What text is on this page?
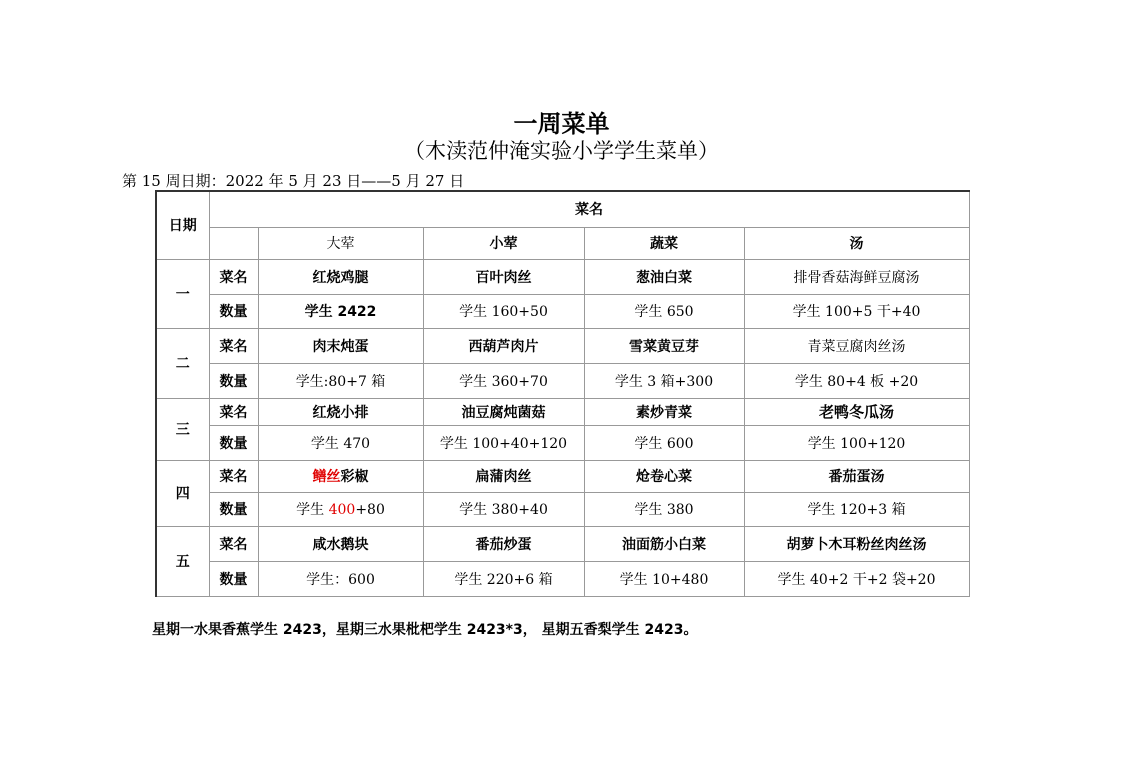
一周菜单
（木渎范仲淹实验小学学生菜单）
第 15 周日期：2022 年 5 月 23 日——5 月 27 日
日期	菜名				
		大荤	小荤	蔬菜	汤
一	菜名	红烧鸡腿	百叶肉丝	葱油白菜	排骨香菇海鲜豆腐汤
	数量	学生 2422	学生 160+50	学生 650	学生 100+5 干+40
二	菜名	肉末炖蛋	西葫芦肉片	雪菜黄豆芽	青菜豆腐肉丝汤
	数量	学生:80+7 箱	学生 360+70	学生 3 箱+300	学生 80+4 板 +20
三	菜名	红烧小排	油豆腐炖菌菇	素炒青菜	老鸭冬瓜汤
	数量	学生 470	学生 100+40+120	学生 600	学生 100+120
四	菜名	鳝丝彩椒	扁蒲肉丝	炝卷心菜	番茄蛋汤
	数量	学生 400+80	学生 380+40	学生 380	学生 120+3 箱
五	菜名	咸水鹅块	番茄炒蛋	油面筋小白菜	胡萝卜木耳粉丝肉丝汤
	数量	学生：600	学生 220+6 箱	学生 10+480	学生 40+2 干+2 袋+20
星期一水果香蕉学生 2423，星期三水果枇杷学生 2423*3， 星期五香梨学生 2423。
